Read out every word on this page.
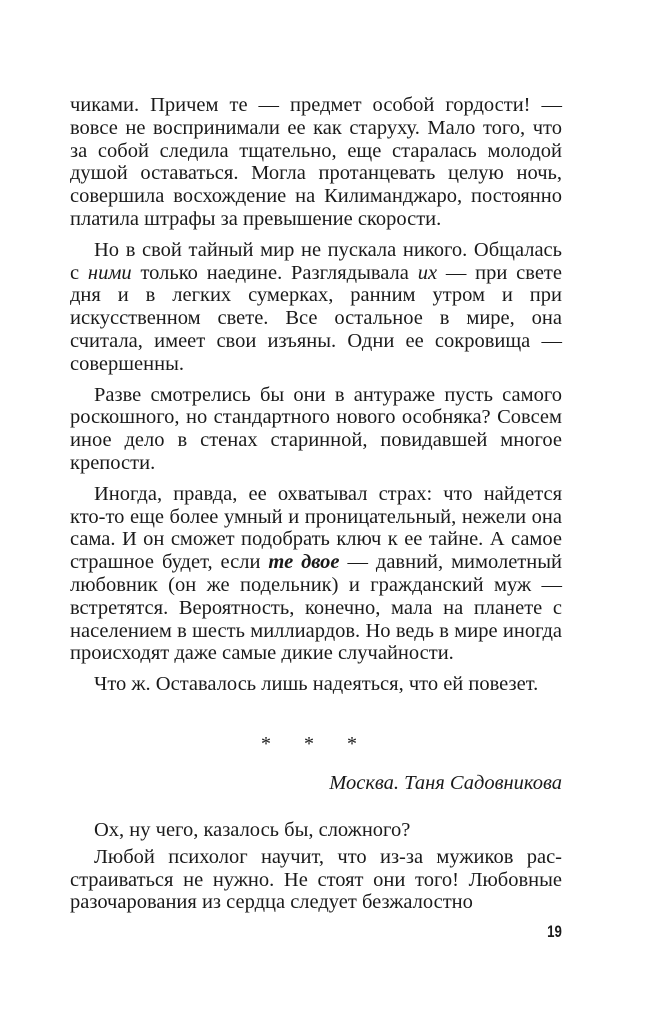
чиками. Причем те — предмет особой гордости! — вовсе не воспринимали ее как старуху. Мало того, что за собой следила тщательно, еще старалась молодой душой оставаться. Могла протанцевать целую ночь, совершила восхождение на Килиманджаро, постоянно платила штрафы за превышение скорости.

Но в свой тайный мир не пускала никого. Общалась с ними только наедине. Разглядывала их — при свете дня и в легких сумерках, ранним утром и при искусственном свете. Все остальное в мире, она считала, имеет свои изъяны. Одни ее сокровища — совершенны.

Разве смотрелись бы они в антураже пусть самого роскошного, но стандартного нового особняка? Совсем иное дело в стенах старинной, повидавшей многое крепости.

Иногда, правда, ее охватывал страх: что найдется кто-то еще более умный и проницательный, нежели она сама. И он сможет подобрать ключ к ее тайне. А самое страшное будет, если те двое — давний, мимолетный любовник (он же подельник) и гражданский муж — встретятся. Вероятность, конечно, мала на планете с населением в шесть миллиардов. Но ведь в мире иногда происходят даже самые дикие случайности.

Что ж. Оставалось лишь надеяться, что ей повезет.

* * *
Москва. Таня Садовникова

Ох, ну чего, казалось бы, сложного?

Любой психолог научит, что из-за мужиков расстраиваться не нужно. Не стоят они того! Любовные разочарования из сердца следует безжалостно

19
